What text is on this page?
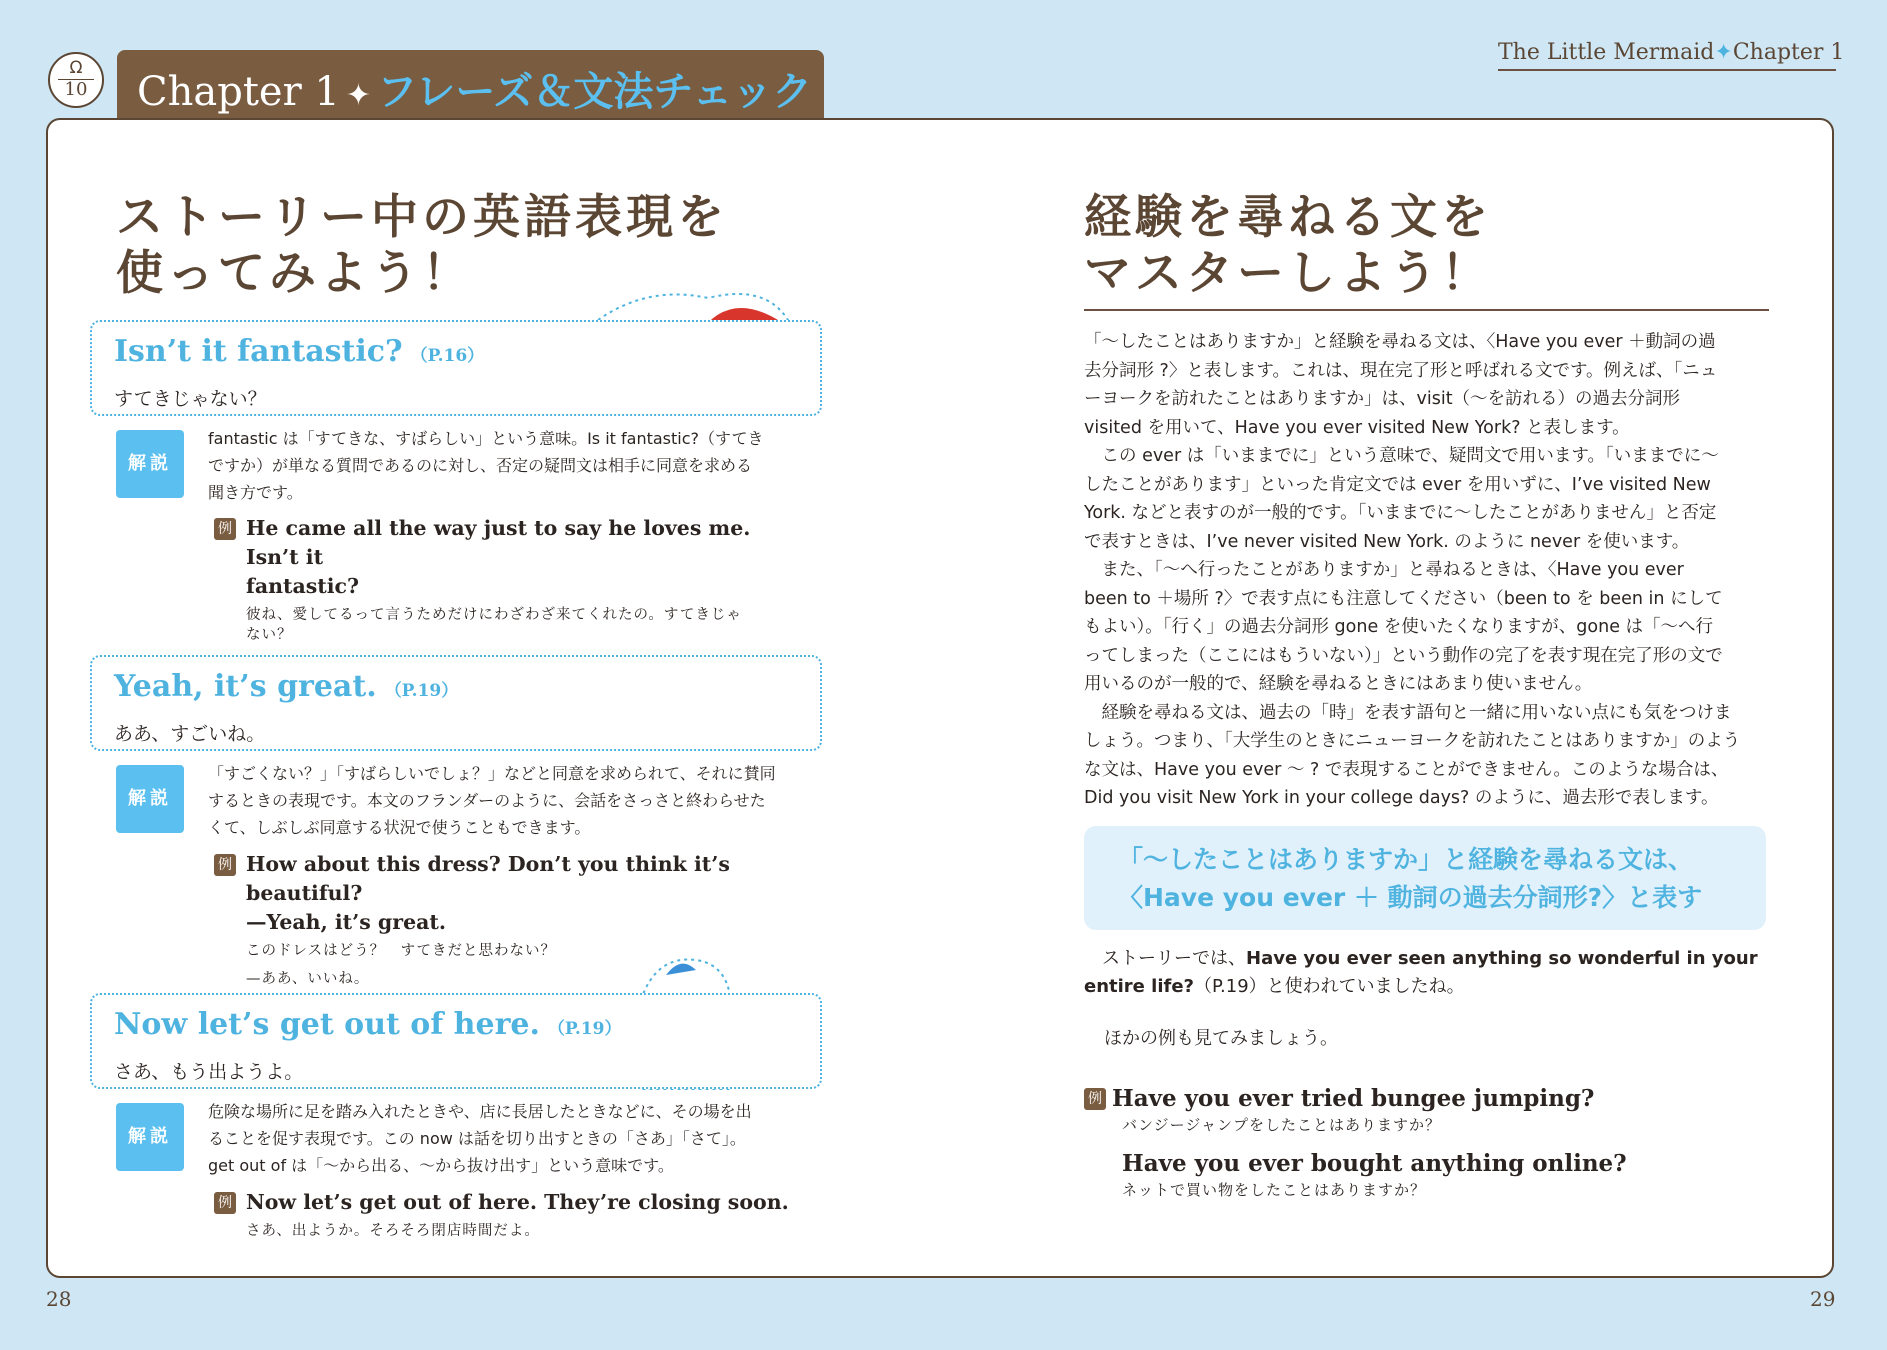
Ω
10	Chapter 1 ✦ フレーズ＆文法チェック
The Little Mermaid✦Chapter 1
ストーリー中の英語表現を
使ってみよう！
Isn’t it fantastic? （P.16）
すてきじゃない？
解説
fantastic は「すてきな、すばらしい」という意味。Is it fantastic?（すてき
ですか）が単なる質問であるのに対し、否定の疑問文は相手に同意を求める
聞き方です。
例 He came all the way just to say he loves me. Isn’t it
fantastic?
彼ね、愛してるって言うためだけにわざわざ来てくれたの。すてきじゃ
ない？
Yeah, it’s great. （P.19）
ああ、すごいね。
解説
「すごくない？」「すばらしいでしょ？」などと同意を求められて、それに賛同
するときの表現です。本文のフランダーのように、会話をさっさと終わらせた
くて、しぶしぶ同意する状況で使うこともできます。
例 How about this dress? Don’t you think it’s beautiful?
—Yeah, it’s great.
このドレスはどう？　すてきだと思わない？
—ああ、いいね。
Now let’s get out of here. （P.19）
さあ、もう出ようよ。
解説
危険な場所に足を踏み入れたときや、店に長居したときなどに、その場を出
ることを促す表現です。この now は話を切り出すときの「さあ」「さて」。
get out of は「～から出る、～から抜け出す」という意味です。
例 Now let’s get out of here. They’re closing soon.
さあ、出ようか。そろそろ閉店時間だよ。
28
経験を尋ねる文を
マスターしよう！

「～したことはありますか」と経験を尋ねる文は、〈Have you ever ＋動詞の過

去分詞形 ?〉と表します。これは、現在完了形と呼ばれる文です。例えば、「ニュ

ーヨークを訪れたことはありますか」は、visit（～を訪れる）の過去分詞形

visited を用いて、Have you ever visited New York? と表します。

　この ever は「いままでに」という意味で、疑問文で用います。「いままでに～

したことがあります」といった肯定文では ever を用いずに、I’ve visited New

York. などと表すのが一般的です。「いままでに～したことがありません」と否定

で表すときは、I’ve never visited New York. のように never を使います。

　また、「～へ行ったことがありますか」と尋ねるときは、〈Have you ever

been to ＋場所 ?〉で表す点にも注意してください（been to を been in にして

もよい）。「行く」の過去分詞形 gone を使いたくなりますが、gone は「～へ行

ってしまった（ここにはもういない）」という動作の完了を表す現在完了形の文で

用いるのが一般的で、経験を尋ねるときにはあまり使いません。

　経験を尋ねる文は、過去の「時」を表す語句と一緒に用いない点にも気をつけま

しょう。つまり、「大学生のときにニューヨークを訪れたことはありますか」のよう

な文は、Have you ever ～ ? で表現することができません。このような場合は、

Did you visit New York in your college days? のように、過去形で表します。

「～したことはありますか」と経験を尋ねる文は、
〈Have you ever ＋ 動詞の過去分詞形?〉と表す
　ストーリーでは、Have you ever seen anything so wonderful in your
entire life?（P.19）と使われていましたね。
ほかの例も見てみましょう。
例 Have you ever tried bungee jumping?
バンジージャンプをしたことはありますか？
Have you ever bought anything online?
ネットで買い物をしたことはありますか？
29
